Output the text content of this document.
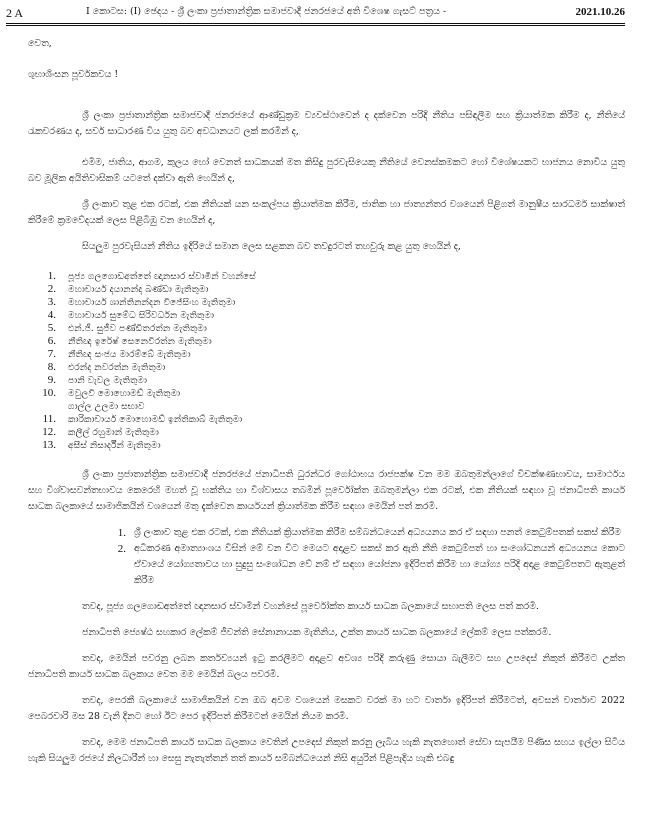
2 A	I කොටස: (I) ඡෙදය - ශ්‍රී ලංකා ප්‍රජාතාන්ත්‍රික සමාජවාදී ජනරජයේ අති විශෙෂ ගැසට් පත්‍රය -	2021.10.26

වෙත,

ශුභාශිංසන පූර්වකවය !

ශ්‍රී ලංකා ප්‍රජාතාන්ත්‍රික සමාජවාදී ජනරජයේ ආණ්ඩුක්‍රම ව්‍යවස්ථාවෙන් ද දක්වෙන පරිදි නීතිය පසිඳලීම සහ ක්‍රියාත්මක කිරීම ද, නීතියේ රැකවරණය ද, සර්ව සාධාරණ විය යුතු බව අවධානයට ලක් කරමින් ද,

එමිම, ජාතිය, ආගම, කුලය හෝ වෙනත් සාධකයක් මත කිසිදු පුරවැසියෙකු නීතියේ වෙනස්කමකට හෝ විශේෂයකට භාජනය නොවිය යුතු බව මූලික අයිතිවාසිකම් යටතේ දක්වා ඇති හෙයින් ද,

ශ්‍රී ලංකාව තුළ එක රටක්, එක නීතියක් යන සංකල්පය ක්‍රියාත්මක කිරීම, ජාතික හා ජාත්‍යන්තර වශයෙන් පිළිගත් මානුෂීය සාරධර්ම සාක්ෂාත් කිරීමේ ක්‍රමවේදයක් ලෙස පිළිබිඹු වන හෙයින් ද,

සියලුම පුරවැසියන් නීතිය ඉදිරියේ සමාන ලෙස සළකන බව තවදුරටත් තහවුරු කළ යුතු හෙයින් ද,

1. පූජ්‍ය ගලගොඩඅත්තේ ඥානසාර ස්වාමීන් වහන්සේ
2. මහාචාර්ය දයානන්ද බණ්ඩා මැතිතුමා
3. මහාචාර්ය ශාන්තිනන්දන විජේසිංහ මැතිතුමා
4. මහාචාර්ය සුමේධ සිරිවර්ධන මැතිතුමා
5. එන්.ජී. සුජීව පණ්ඩිතරත්න මැතිතුමා
6. නීතිඥ ඉරේෂ් සෙනෙවිරත්න මැතිතුමා
7. නීතිඥ සංජය මාරම්බේ මැතිතුමා
8. එරන්ද නවරත්න මැතිතුමා
9. පානි වැවල මැතිතුමා
10. මවුලවි මොහොමඩ් මැතිතුමා
ගාල්ල උලමා සභාව
11. කාරිකාචාර්ය මොහොමඩ් ඉන්තිකාබ් මැතිතුමා
12. කලීල් රහුමාන් මැතිතුමා
13. අසීස් නිසාර්දීන් මැතිතුමා

ශ්‍රී ලංකා ප්‍රජාතාන්ත්‍රික සමාජවාදී ජනරජයේ ජනාධිපති ධුරන්ධර ගෝඨාභය රාජපක්ෂ වන මම ඔබතුමන්ලාගේ විචක්ෂණභාවය, සාමාර්ථය සහ විශ්වාසවන්තභාවය කෙරෙහි මහත් වූ භක්තිය හා විශ්වාසය තබමින් පූර්වෝක්ත ඔබතුමන්ලා එක රටක්, එක නීතියක් සඳහා වූ ජනාධිපති කාර්ය සාධක බලකායේ සාමාජිකයින් වශයෙන් මතු දැක්වෙන කාර්යයන් ක්‍රියාත්මක කිරීම සඳහා මෙයින් පත් කරමි.

1. ශ්‍රී ලංකාව තුළ එක රටක්, එක නීතියක් ක්‍රියාත්මක කිරීම සම්බන්ධයෙන් අධ්‍යයනය කර ඒ සඳහා පනත් කෙටුම්පතක් සකස් කිරීම
2. අධිකරණ අමාත්‍යාංශය විසින් මේ වන විට මෙයට අදාළව සකස් කර ඇති නීති කෙටුම්පත් හා සංශෝධනයන් අධ්‍යයනය කොට ඒවායේ යෝග්‍යතාවය හා සුදුසු සංශෝධන වේ නම් ඒ සඳහා යෝජනා ඉදිරිපත් කිරීම හා යෝග්‍ය පරිදි අදාළ කෙටුම්පතට ඇතුළත් කිරීම

තවද, පූජ්‍ය ගලගොඩඅත්තේ ඥානසාර ස්වාමීන් වහන්සේ පූර්වෝක්ත කාර්ය සාධක බලකායේ සභාපති ලෙස පත් කරමි.

ජනාධිපති ජ්‍යෙෂ්ඨ සහකාර ලේකම් ජීවන්ති සේනානායක මැතිනිය, උක්ත කාර්ය සාධක බලකායේ ලේකම් ලෙස පත්කරමි.

තවද, මෙයින් පවරනු ලබන කර්තව්‍යයන් ඉටු කරලීමට අදාළව අවශ්‍ය පරිදි කරුණු සොයා බැලීමට සහ උපදෙස් නිකුත් කිරීමට උක්ත ජනාධිපති කාර්ය සාධක බලකාය වෙත මම මෙයින් බලය පවරමි.

තවද, පෙරකී බලකායේ සාමාජිකයින් වන ඔබ අවම වශයෙන් මසකට වරක් මා හට වාර්තා ඉදිරිපත් කිරීමටත්, අවසන් වාර්තාව 2022 පෙබරවාරි මස 28 වැනි දිනට හෝ ඊට පෙර ඉදිරිපත් කිරීමටත් මෙයින් නියම කරමි.

තවද, මෙම ජනාධිපති කාර්ය සාධක බලකාය වෙතින් උපදෙස් නිකුත් කරනු ලැබිය හැකි නැතහොත් සේවා සැපයීම පිණිස සහය ඉල්ලා සිටිය හැකි සියලුම රජයේ නිලධාරීන් හා සෙසු නැතැත්තන් තත් කාර්ය සම්බන්ධයෙන් නිසි අයුරින් පිළිපැදිය හැකි එබඳු
